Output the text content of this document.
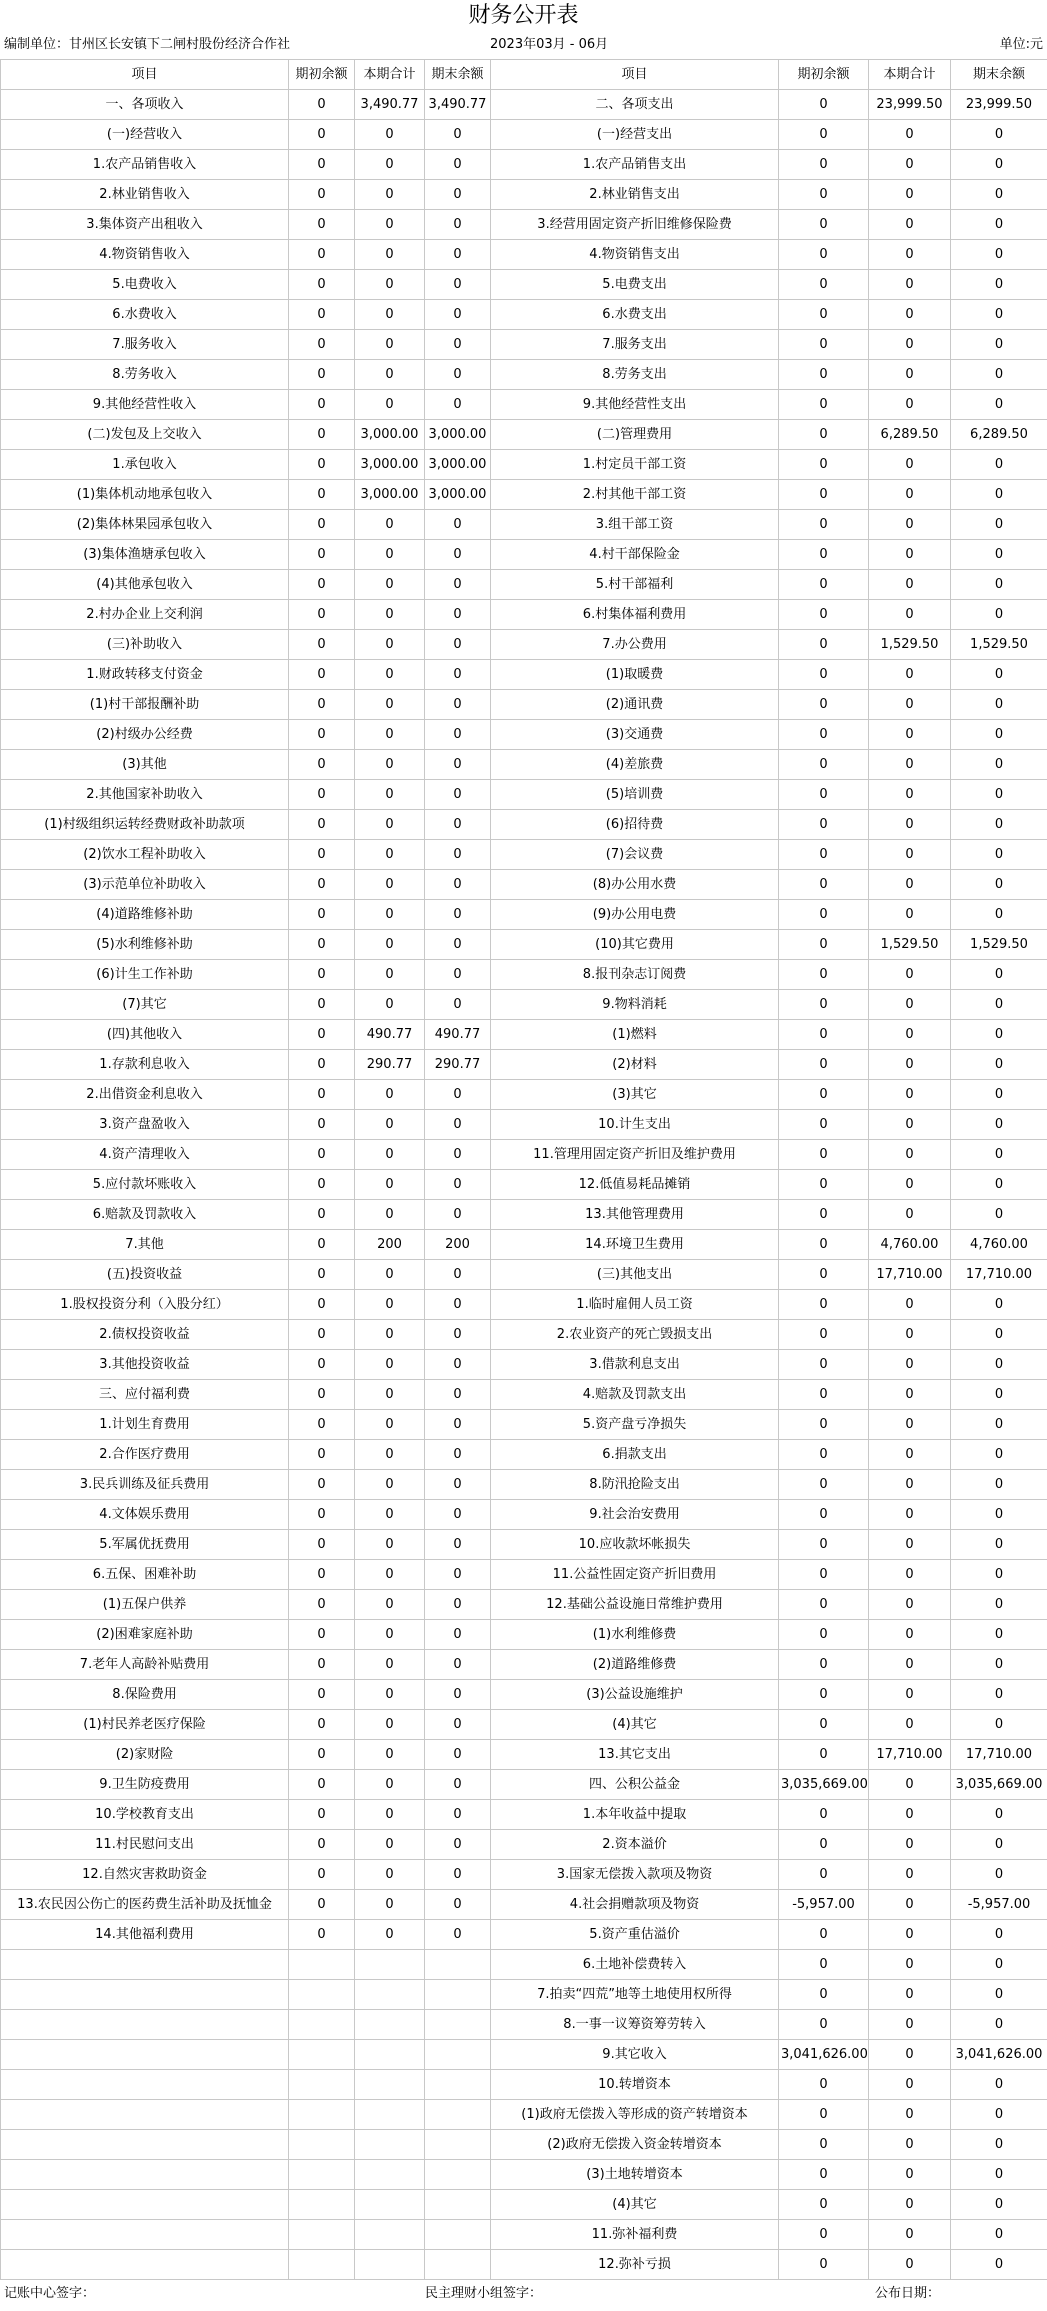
财务公开表
编制单位：甘州区长安镇下二闸村股份经济合作社	2023年03月 - 06月	单位:元
项目	期初余额	本期合计	期末余额	项目	期初余额	本期合计	期末余额
一、各项收入	0	3,490.77	3,490.77	二、各项支出	0	23,999.50	23,999.50
(一)经营收入	0	0	0	(一)经营支出	0	0	0
1.农产品销售收入	0	0	0	1.农产品销售支出	0	0	0
2.林业销售收入	0	0	0	2.林业销售支出	0	0	0
3.集体资产出租收入	0	0	0	3.经营用固定资产折旧维修保险费	0	0	0
4.物资销售收入	0	0	0	4.物资销售支出	0	0	0
5.电费收入	0	0	0	5.电费支出	0	0	0
6.水费收入	0	0	0	6.水费支出	0	0	0
7.服务收入	0	0	0	7.服务支出	0	0	0
8.劳务收入	0	0	0	8.劳务支出	0	0	0
9.其他经营性收入	0	0	0	9.其他经营性支出	0	0	0
(二)发包及上交收入	0	3,000.00	3,000.00	(二)管理费用	0	6,289.50	6,289.50
1.承包收入	0	3,000.00	3,000.00	1.村定员干部工资	0	0	0
(1)集体机动地承包收入	0	3,000.00	3,000.00	2.村其他干部工资	0	0	0
(2)集体林果园承包收入	0	0	0	3.组干部工资	0	0	0
(3)集体渔塘承包收入	0	0	0	4.村干部保险金	0	0	0
(4)其他承包收入	0	0	0	5.村干部福利	0	0	0
2.村办企业上交利润	0	0	0	6.村集体福利费用	0	0	0
(三)补助收入	0	0	0	7.办公费用	0	1,529.50	1,529.50
1.财政转移支付资金	0	0	0	(1)取暖费	0	0	0
(1)村干部报酬补助	0	0	0	(2)通讯费	0	0	0
(2)村级办公经费	0	0	0	(3)交通费	0	0	0
(3)其他	0	0	0	(4)差旅费	0	0	0
2.其他国家补助收入	0	0	0	(5)培训费	0	0	0
(1)村级组织运转经费财政补助款项	0	0	0	(6)招待费	0	0	0
(2)饮水工程补助收入	0	0	0	(7)会议费	0	0	0
(3)示范单位补助收入	0	0	0	(8)办公用水费	0	0	0
(4)道路维修补助	0	0	0	(9)办公用电费	0	0	0
(5)水利维修补助	0	0	0	(10)其它费用	0	1,529.50	1,529.50
(6)计生工作补助	0	0	0	8.报刊杂志订阅费	0	0	0
(7)其它	0	0	0	9.物料消耗	0	0	0
(四)其他收入	0	490.77	490.77	(1)燃料	0	0	0
1.存款利息收入	0	290.77	290.77	(2)材料	0	0	0
2.出借资金利息收入	0	0	0	(3)其它	0	0	0
3.资产盘盈收入	0	0	0	10.计生支出	0	0	0
4.资产清理收入	0	0	0	11.管理用固定资产折旧及维护费用	0	0	0
5.应付款坏账收入	0	0	0	12.低值易耗品摊销	0	0	0
6.赔款及罚款收入	0	0	0	13.其他管理费用	0	0	0
7.其他	0	200	200	14.环境卫生费用	0	4,760.00	4,760.00
(五)投资收益	0	0	0	(三)其他支出	0	17,710.00	17,710.00
1.股权投资分利（入股分红）	0	0	0	1.临时雇佣人员工资	0	0	0
2.债权投资收益	0	0	0	2.农业资产的死亡毁损支出	0	0	0
3.其他投资收益	0	0	0	3.借款利息支出	0	0	0
三、应付福利费	0	0	0	4.赔款及罚款支出	0	0	0
1.计划生育费用	0	0	0	5.资产盘亏净损失	0	0	0
2.合作医疗费用	0	0	0	6.捐款支出	0	0	0
3.民兵训练及征兵费用	0	0	0	8.防汛抢险支出	0	0	0
4.文体娱乐费用	0	0	0	9.社会治安费用	0	0	0
5.军属优抚费用	0	0	0	10.应收款坏帐损失	0	0	0
6.五保、困难补助	0	0	0	11.公益性固定资产折旧费用	0	0	0
(1)五保户供养	0	0	0	12.基础公益设施日常维护费用	0	0	0
(2)困难家庭补助	0	0	0	(1)水利维修费	0	0	0
7.老年人高龄补贴费用	0	0	0	(2)道路维修费	0	0	0
8.保险费用	0	0	0	(3)公益设施维护	0	0	0
(1)村民养老医疗保险	0	0	0	(4)其它	0	0	0
(2)家财险	0	0	0	13.其它支出	0	17,710.00	17,710.00
9.卫生防疫费用	0	0	0	四、公积公益金	3,035,669.00	0	3,035,669.00
10.学校教育支出	0	0	0	1.本年收益中提取	0	0	0
11.村民慰问支出	0	0	0	2.资本溢价	0	0	0
12.自然灾害救助资金	0	0	0	3.国家无偿拨入款项及物资	0	0	0
13.农民因公伤亡的医药费生活补助及抚恤金	0	0	0	4.社会捐赠款项及物资	-5,957.00	0	-5,957.00
14.其他福利费用	0	0	0	5.资产重估溢价	0	0	0
				6.土地补偿费转入	0	0	0
				7.拍卖“四荒”地等土地使用权所得	0	0	0
				8.一事一议筹资筹劳转入	0	0	0
				9.其它收入	3,041,626.00	0	3,041,626.00
				10.转增资本	0	0	0
				(1)政府无偿拨入等形成的资产转增资本	0	0	0
				(2)政府无偿拨入资金转增资本	0	0	0
				(3)土地转增资本	0	0	0
				(4)其它	0	0	0
				11.弥补福利费	0	0	0
				12.弥补亏损	0	0	0
记账中心签字：	民主理财小组签字：	公布日期：
